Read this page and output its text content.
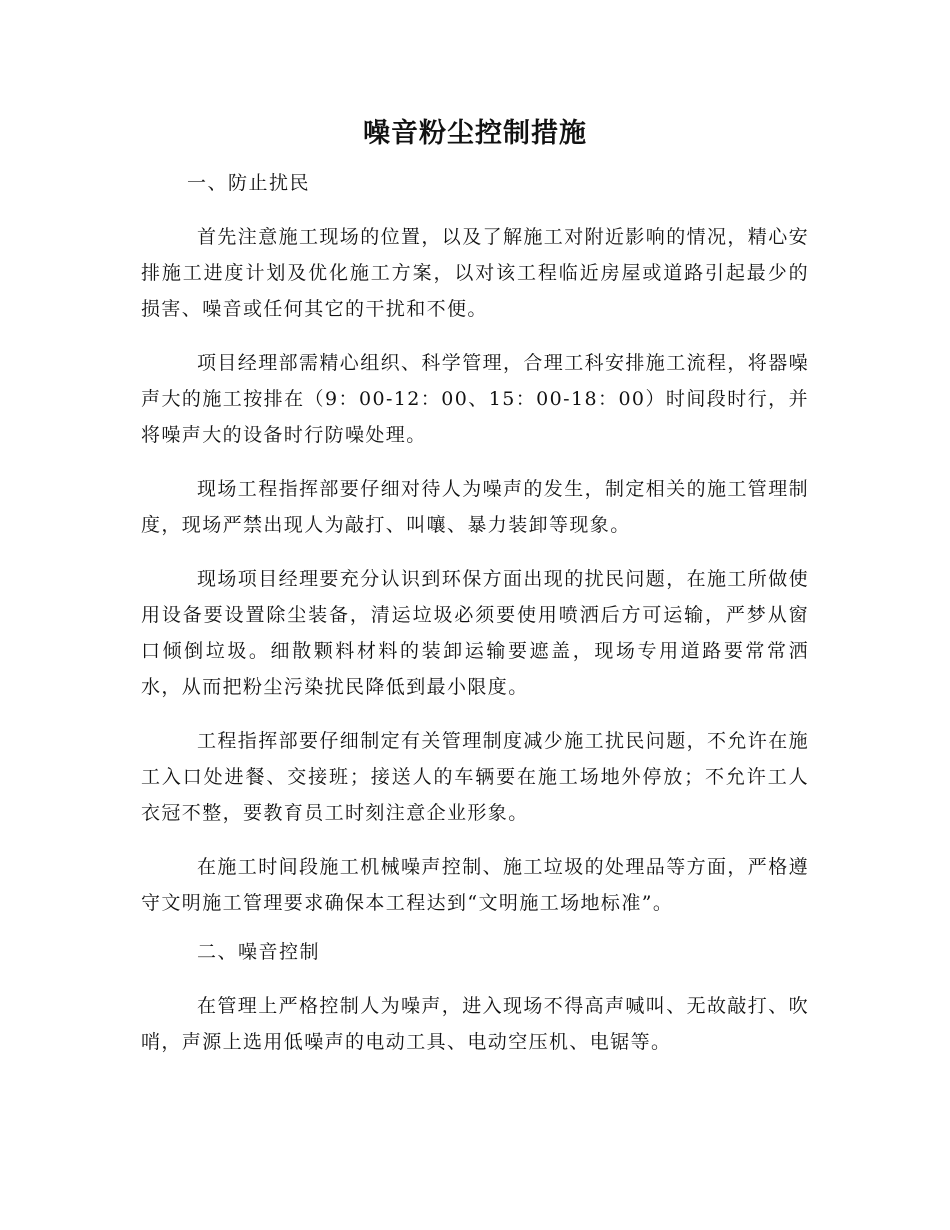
噪音粉尘控制措施

一、防止扰民

首先注意施工现场的位置，以及了解施工对附近影响的情况，精心安排施工进度计划及优化施工方案，以对该工程临近房屋或道路引起最少的损害、噪音或任何其它的干扰和不便。

项目经理部需精心组织、科学管理，合理工科安排施工流程，将器噪声大的施工按排在（9：00-12：00、15：00-18：00）时间段时行，并将噪声大的设备时行防噪处理。

现场工程指挥部要仔细对待人为噪声的发生，制定相关的施工管理制度，现场严禁出现人为敲打、叫嚷、暴力装卸等现象。

现场项目经理要充分认识到环保方面出现的扰民问题，在施工所做使用设备要设置除尘装备，清运垃圾必须要使用喷洒后方可运输，严梦从窗口倾倒垃圾。细散颗料材料的装卸运输要遮盖，现场专用道路要常常洒水，从而把粉尘污染扰民降低到最小限度。

工程指挥部要仔细制定有关管理制度减少施工扰民问题，不允许在施工入口处进餐、交接班；接送人的车辆要在施工场地外停放；不允许工人衣冠不整，要教育员工时刻注意企业形象。

在施工时间段施工机械噪声控制、施工垃圾的处理品等方面，严格遵守文明施工管理要求确保本工程达到“文明施工场地标准”。

二、噪音控制

在管理上严格控制人为噪声，进入现场不得高声喊叫、无故敲打、吹哨，声源上选用低噪声的电动工具、电动空压机、电锯等。
